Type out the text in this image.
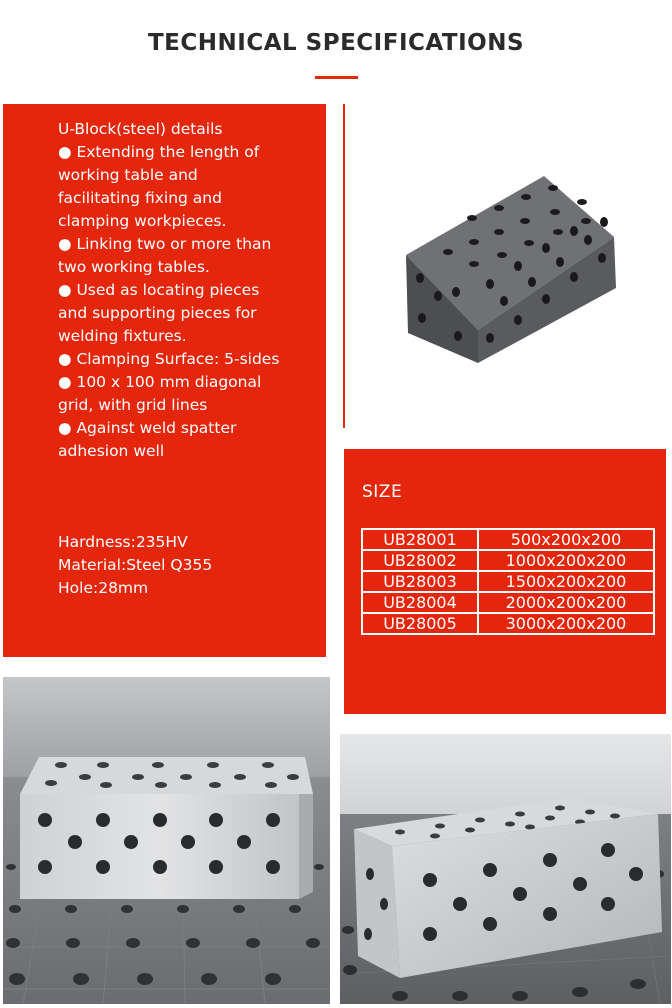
TECHNICAL SPECIFICATIONS
U-Block(steel) details
● Extending the length of
working table and
facilitating fixing and
clamping workpieces.
● Linking two or more than
two working tables.
● Used as locating pieces
and supporting pieces for
welding fixtures.
● Clamping Surface: 5-sides
● 100 x 100 mm diagonal
grid, with grid lines
● Against weld spatter
adhesion well
Hardness:235HV
Material:Steel Q355
Hole:28mm
SIZE
UB28001	500x200x200
UB28002	1000x200x200
UB28003	1500x200x200
UB28004	2000x200x200
UB28005	3000x200x200
